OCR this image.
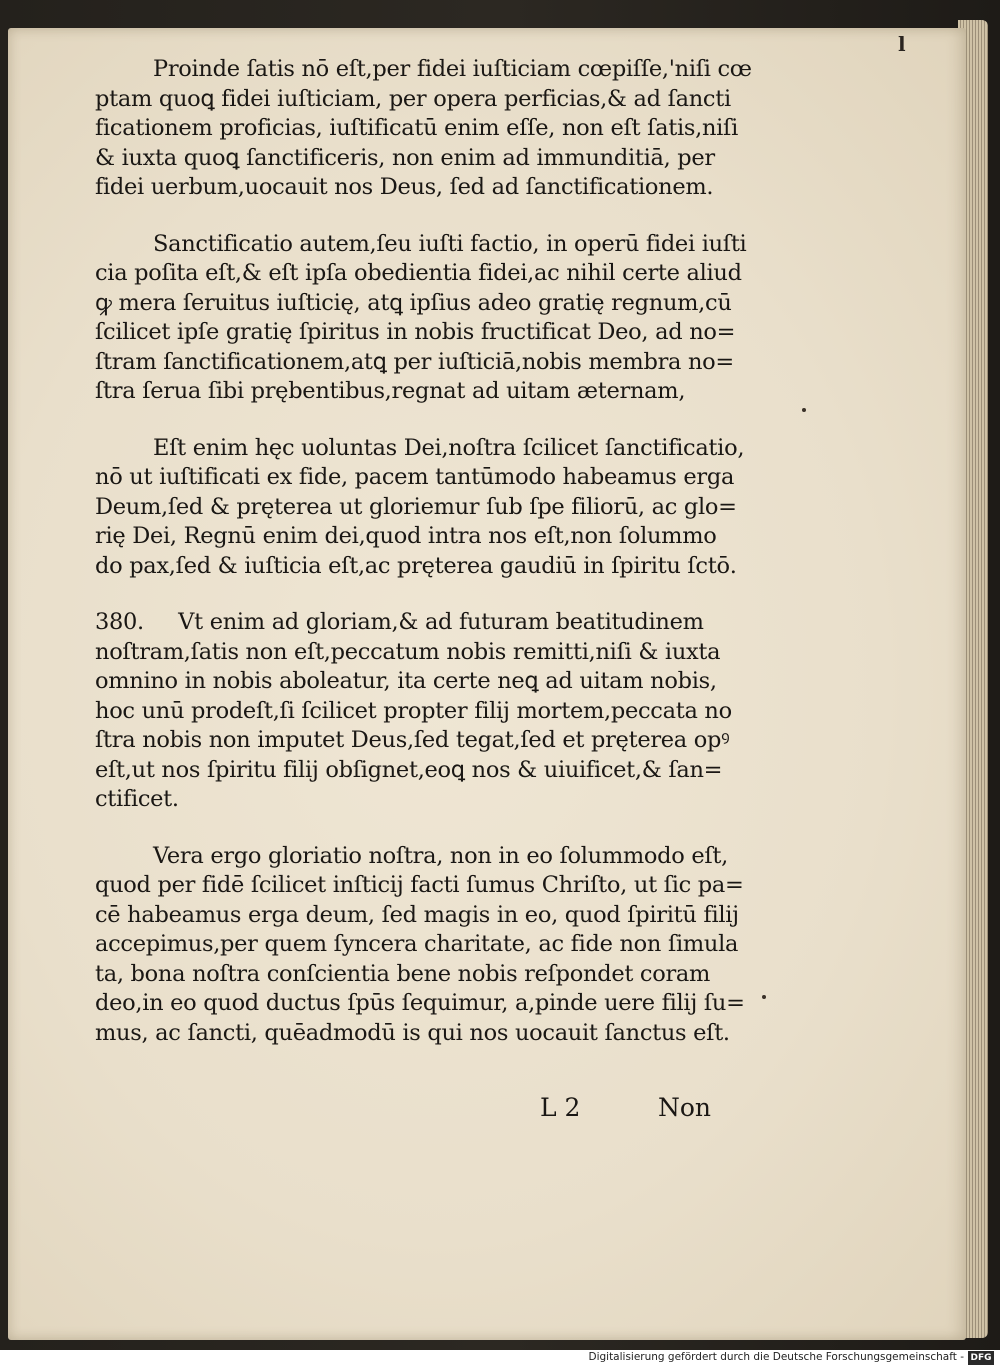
l
Proinde ſatis nō eſt,per fidei iuſticiam cœpiſſe,'niſi cœ
ptam quoꝗ fidei iuſticiam, per opera perficias,& ad ſancti
ficationem proficias, iuſtificatū enim eſſe, non eſt ſatis,niſi
& iuxta quoꝗ ſanctificeris, non enim ad immunditiā, per
fidei uerbum,uocauit nos Deus, ſed ad ſanctificationem.
Sanctificatio autem,ſeu iuſti factio, in operū fidei iuſti
cia poſita eſt,& eſt ipſa obedientia fidei,ac nihil certe aliud
ꝙ mera ſeruitus iuſticię, atꝗ ipſius adeo gratię regnum,cū
ſcilicet ipſe gratię ſpiritus in nobis fructificat Deo, ad no=
ſtram ſanctificationem,atꝗ per iuſticiā,nobis membra no=
ſtra ſerua ſibi prębentibus,regnat ad uitam æternam,
Eſt enim hęc uoluntas Dei,noſtra ſcilicet ſanctificatio,
nō ut iuſtificati ex fide, pacem tantūmodo habeamus erga
Deum,ſed & pręterea ut gloriemur ſub ſpe filiorū, ac glo=
rię Dei, Regnū enim dei,quod intra nos eſt,non ſolummo
do pax,ſed & iuſticia eſt,ac pręterea gaudiū in ſpiritu ſctō.
380.     Vt enim ad gloriam,& ad futuram beatitudinem
noſtram,ſatis non eſt,peccatum nobis remitti,niſi & iuxta
omnino in nobis aboleatur, ita certe neꝗ ad uitam nobis,
hoc unū prodeſt,ſi ſcilicet propter filij mortem,peccata no
ſtra nobis non imputet Deus,ſed tegat,ſed et pręterea opꝰ
eſt,ut nos ſpiritu filij obſignet,eoꝗ nos & uiuificet,& ſan=
ctificet.
Vera ergo gloriatio noſtra, non in eo ſolummodo eſt,
quod per fidē ſcilicet inſticij facti ſumus Chriſto, ut ſic pa=
cē habeamus erga deum, ſed magis in eo, quod ſpiritū filij
accepimus,per quem ſyncera charitate, ac fide non ſimula
ta, bona noſtra conſcientia bene nobis reſpondet coram
deo,in eo quod ductus ſpūs ſequimur, a,pinde uere filij ſu=
mus, ac ſancti, quēadmodū is qui nos uocauit ſanctus eſt.
L 2	Non
Digitalisierung gefördert durch die Deutsche Forschungsgemeinschaft - DFG
